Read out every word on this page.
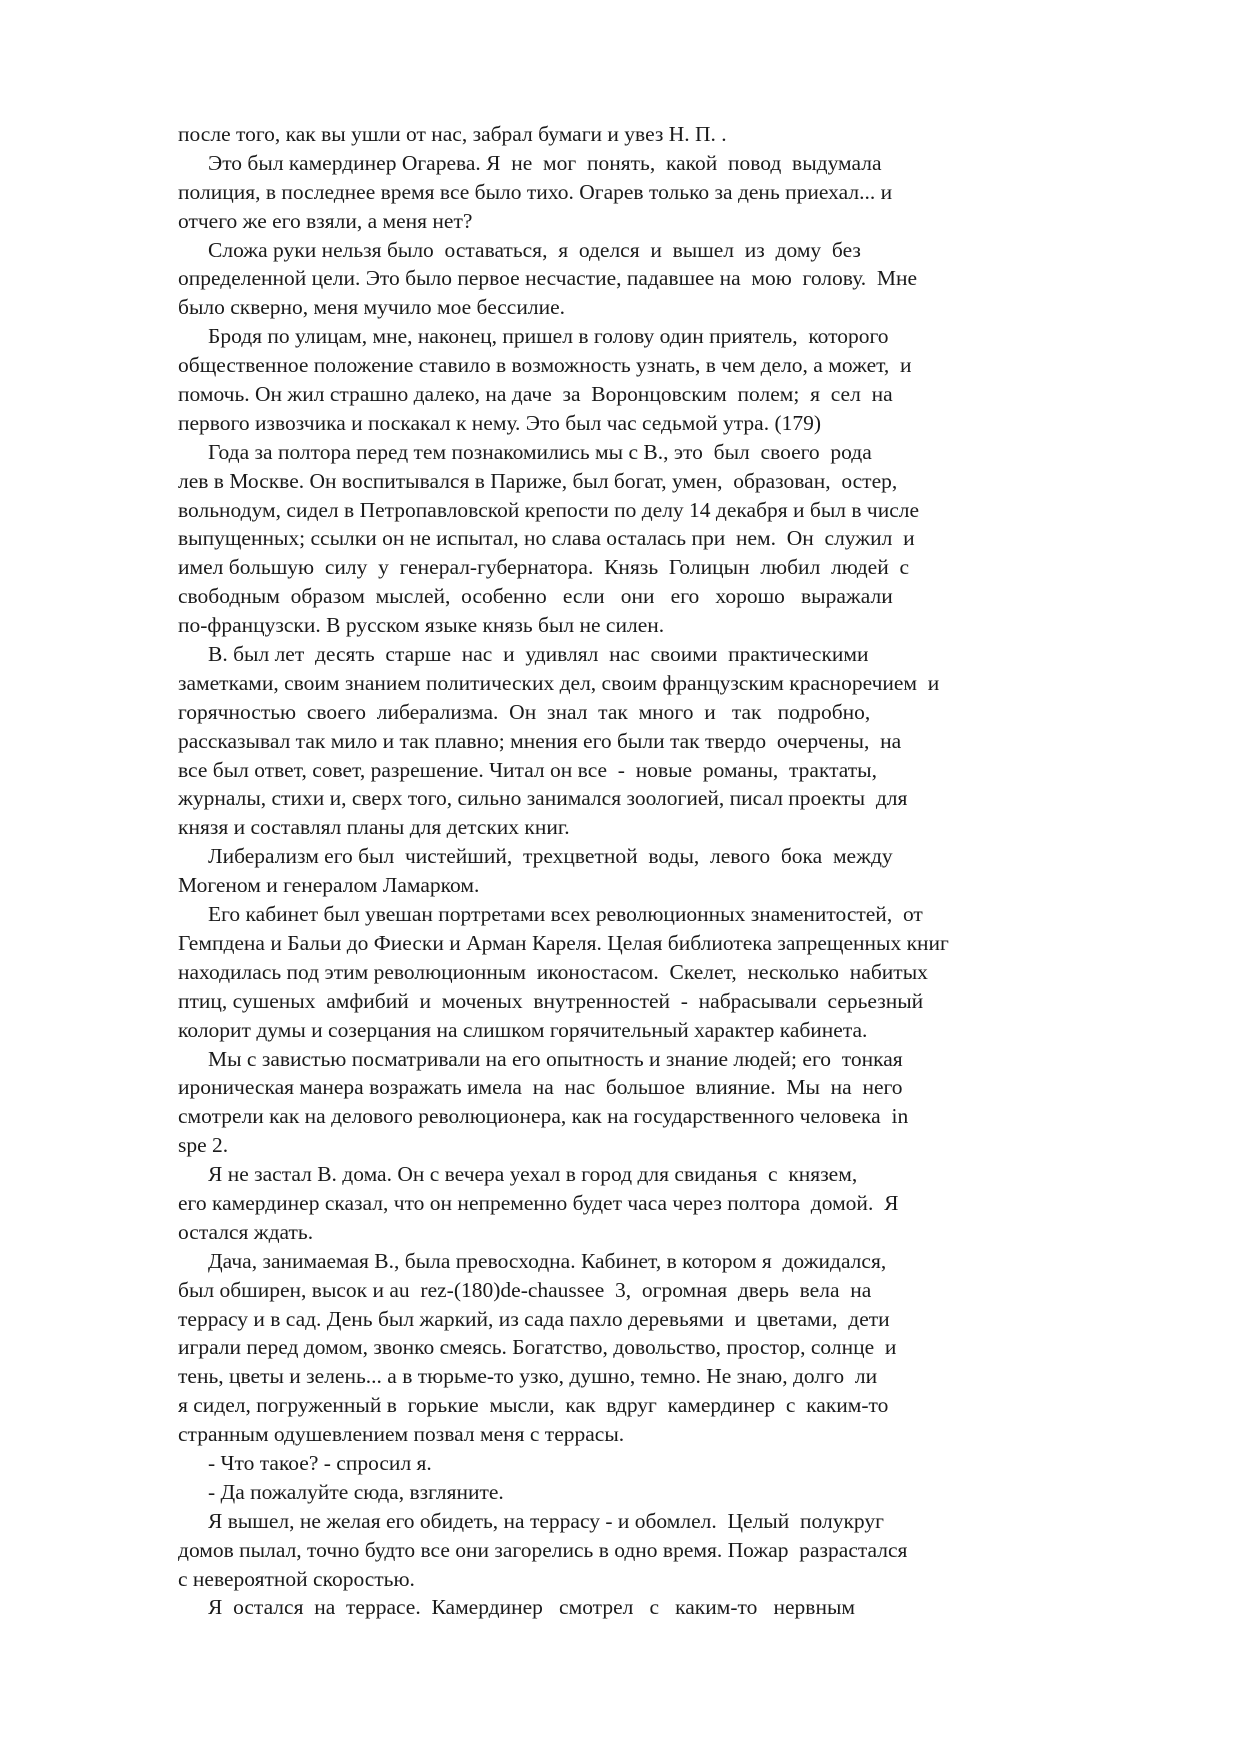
после того, как вы ушли от нас, забрал бумаги и увез Н. П. .
Это был камердинер Огарева. Я  не  мог  понять,  какой  повод  выдумала
полиция, в последнее время все было тихо. Огарев только за день приехал... и
отчего же его взяли, а меня нет?
Сложа руки нельзя было  оставаться,  я  оделся  и  вышел  из  дому  без
определенной цели. Это было первое несчастие, падавшее на  мою  голову.  Мне
было скверно, меня мучило мое бессилие.
Бродя по улицам, мне, наконец, пришел в голову один приятель,  которого
общественное положение ставило в возможность узнать, в чем дело, а может,  и
помочь. Он жил страшно далеко, на даче  за  Воронцовским  полем;  я  сел  на
первого извозчика и поскакал к нему. Это был час седьмой утра. (179)
Года за полтора перед тем познакомились мы с В., это  был  своего  рода
лев в Москве. Он воспитывался в Париже, был богат, умен,  образован,  остер,
вольнодум, сидел в Петропавловской крепости по делу 14 декабря и был в числе
выпущенных; ссылки он не испытал, но слава осталась при  нем.  Он  служил  и
имел большую  силу  у  генерал-губернатора.  Князь  Голицын  любил  людей  с
свободным  образом  мыслей,  особенно   если   они   его   хорошо   выражали
по-французски. В русском языке князь был не силен.
В. был лет  десять  старше  нас  и  удивлял  нас  своими  практическими
заметками, своим знанием политических дел, своим французским красноречием  и
горячностью  своего  либерализма.  Он  знал  так  много  и   так   подробно,
рассказывал так мило и так плавно; мнения его были так твердо  очерчены,  на
все был ответ, совет, разрешение. Читал он все  -  новые  романы,  трактаты,
журналы, стихи и, сверх того, сильно занимался зоологией, писал проекты  для
князя и составлял планы для детских книг.
Либерализм его был  чистейший,  трехцветной  воды,  левого  бока  между
Могеном и генералом Ламарком.
Его кабинет был увешан портретами всех революционных знаменитостей,  от
Гемпдена и Бальи до Фиески и Арман Кареля. Целая библиотека запрещенных книг
находилась под этим революционным  иконостасом.  Скелет,  несколько  набитых
птиц, сушеных  амфибий  и  моченых  внутренностей  -  набрасывали  серьезный
колорит думы и созерцания на слишком горячительный характер кабинета.
Мы с завистью посматривали на его опытность и знание людей; его  тонкая
ироническая манера возражать имела  на  нас  большое  влияние.  Мы  на  него
смотрели как на делового революционера, как на государственного человека  in
spe 2.
Я не застал В. дома. Он с вечера уехал в город для свиданья  с  князем,
его камердинер сказал, что он непременно будет часа через полтора  домой.  Я
остался ждать.
Дача, занимаемая В., была превосходна. Кабинет, в котором я  дожидался,
был обширен, высок и au  rez-(180)de-chaussee  3,  огромная  дверь  вела  на
террасу и в сад. День был жаркий, из сада пахло деревьями  и  цветами,  дети
играли перед домом, звонко смеясь. Богатство, довольство, простор, солнце  и
тень, цветы и зелень... а в тюрьме-то узко, душно, темно. Не знаю, долго  ли
я сидел, погруженный в  горькие  мысли,  как  вдруг  камердинер  с  каким-то
странным одушевлением позвал меня с террасы.
- Что такое? - спросил я.
- Да пожалуйте сюда, взгляните.
Я вышел, не желая его обидеть, на террасу - и обомлел.  Целый  полукруг
домов пылал, точно будто все они загорелись в одно время. Пожар  разрастался
с невероятной скоростью.
Я  остался  на  террасе.  Камердинер   смотрел   с   каким-то   нервным
